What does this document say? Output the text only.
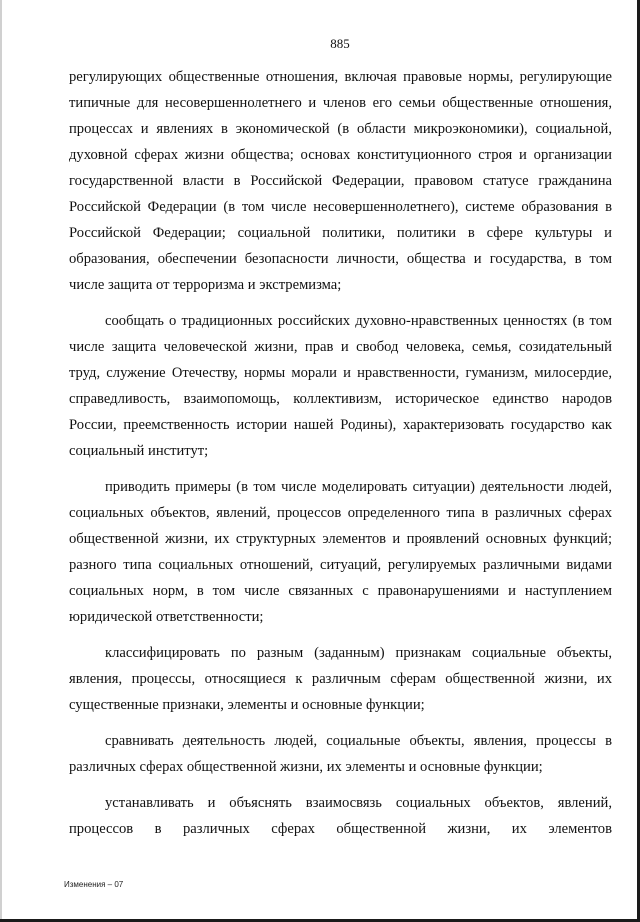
885

регулирующих общественные отношения, включая правовые нормы, регулирующие типичные для несовершеннолетнего и членов его семьи общественные отношения, процессах и явлениях в экономической (в области микроэкономики), социальной, духовной сферах жизни общества; основах конституционного строя и организации государственной власти в Российской Федерации, правовом статусе гражданина Российской Федерации (в том числе несовершеннолетнего), системе образования в Российской Федерации; социальной политики, политики в сфере культуры и образования, обеспечении безопасности личности, общества и государства, в том числе защита от терроризма и экстремизма;

сообщать о традиционных российских духовно-нравственных ценностях (в том числе защита человеческой жизни, прав и свобод человека, семья, созидательный труд, служение Отечеству, нормы морали и нравственности, гуманизм, милосердие, справедливость, взаимопомощь, коллективизм, историческое единство народов России, преемственность истории нашей Родины), характеризовать государство как социальный институт;

приводить примеры (в том числе моделировать ситуации) деятельности людей, социальных объектов, явлений, процессов определенного типа в различных сферах общественной жизни, их структурных элементов и проявлений основных функций; разного типа социальных отношений, ситуаций, регулируемых различными видами социальных норм, в том числе связанных с правонарушениями и наступлением юридической ответственности;

классифицировать по разным (заданным) признакам социальные объекты, явления, процессы, относящиеся к различным сферам общественной жизни, их существенные признаки, элементы и основные функции;

сравнивать деятельность людей, социальные объекты, явления, процессы в различных сферах общественной жизни, их элементы и основные функции;

устанавливать и объяснять взаимосвязь социальных объектов, явлений, процессов в различных сферах общественной жизни, их элементов

Изменения – 07
